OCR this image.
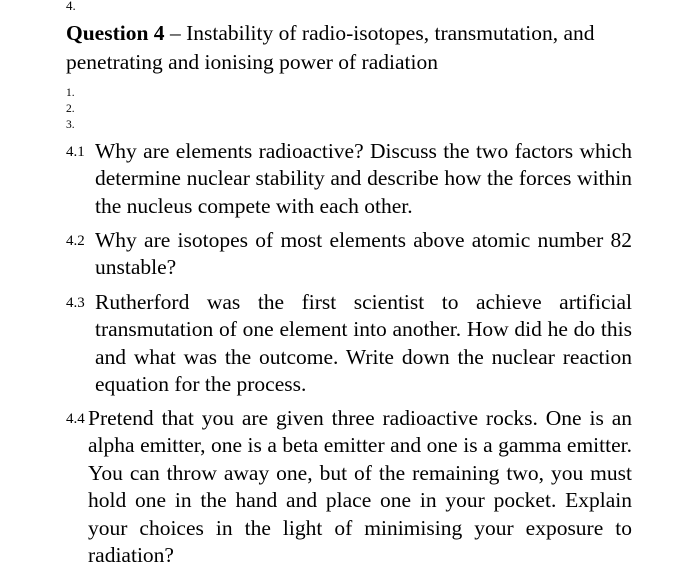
4.
Question 4 – Instability of radio-isotopes, transmutation, and penetrating and ionising power of radiation
1.
2.
3.
4.1 Why are elements radioactive? Discuss the two factors which determine nuclear stability and describe how the forces within the nucleus compete with each other.
4.2 Why are isotopes of most elements above atomic number 82 unstable?
4.3 Rutherford was the first scientist to achieve artificial transmutation of one element into another. How did he do this and what was the outcome. Write down the nuclear reaction equation for the process.
4.4 Pretend that you are given three radioactive rocks. One is an alpha emitter, one is a beta emitter and one is a gamma emitter. You can throw away one, but of the remaining two, you must hold one in the hand and place one in your pocket. Explain your choices in the light of minimising your exposure to radiation?
